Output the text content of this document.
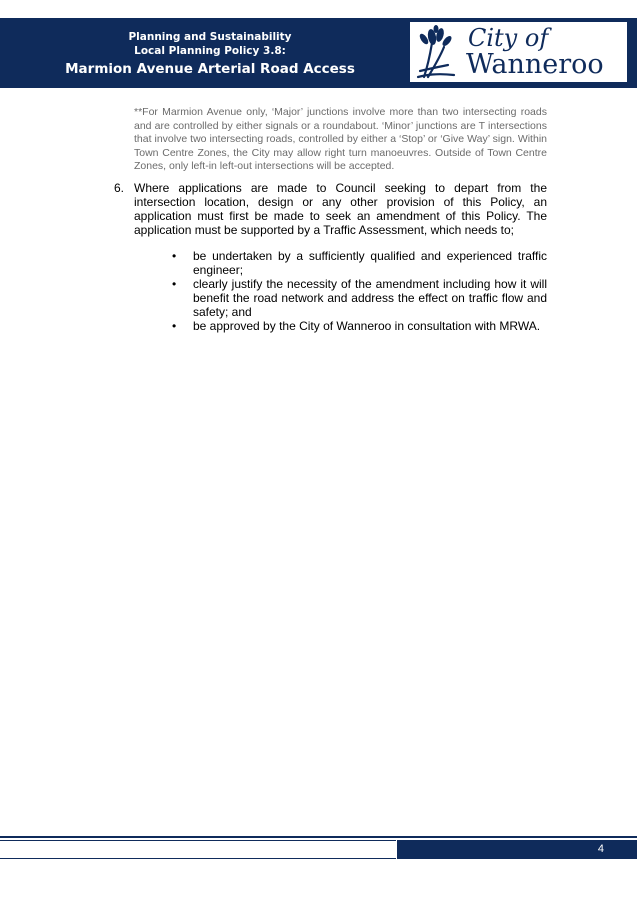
Planning and Sustainability
Local Planning Policy 3.8:
Marmion Avenue Arterial Road Access
City of
Wanneroo
**For Marmion Avenue only, ‘Major’ junctions involve more than two intersecting roads and are controlled by either signals or a roundabout. ‘Minor’ junctions are T intersections that involve two intersecting roads, controlled by either a ‘Stop’ or ‘Give Way’ sign. Within Town Centre Zones, the City may allow right turn manoeuvres. Outside of Town Centre Zones, only left-in left-out intersections will be accepted.
6. Where applications are made to Council seeking to depart from the intersection location, design or any other provision of this Policy, an application must first be made to seek an amendment of this Policy. The application must be supported by a Traffic Assessment, which needs to;
• be undertaken by a sufficiently qualified and experienced traffic engineer;
• clearly justify the necessity of the amendment including how it will benefit the road network and address the effect on traffic flow and safety; and
• be approved by the City of Wanneroo in consultation with MRWA.
4
